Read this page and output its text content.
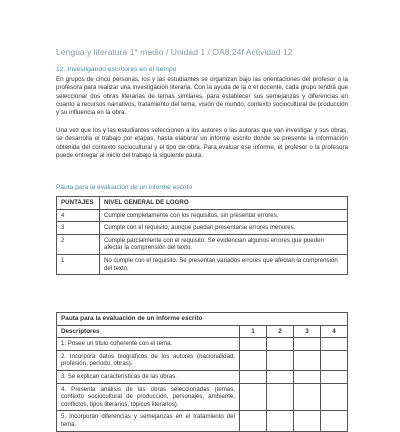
Lengua y literatura 1° medio / Unidad 1 / OA8;24f Actividad 12
12. Investigando escritores en el tiempo
En grupos de cinco personas, los y las estudiantes se organizan bajo las orientaciones del profesor o la profesora para realizar una investigación literaria. Con la ayuda de la o el docente, cada grupo tendrá que seleccionar dos obras literarias de temas similares, para establecer sus semejanzas y diferencias en cuanto a recursos narrativos, tratamiento del tema, visión de mundo, contexto sociocultural de producción y su influencia en la obra.
Una vez que los y las estudiantes seleccionen a los autores o las autoras que van investigar y sus obras, se desarrolla el trabajo por etapas, hasta elaborar un informe escrito donde se presente la información obtenida del contexto sociocultural y el tipo de obra. Para evaluar ese informe, el profesor o la profesora puede entregar al inicio del trabajo la siguiente pauta.
Pauta para la evaluación de un informe escrito
PUNTAJES	NIVEL GENERAL DE LOGRO
4	Cumple completamente con los requisitos, sin presentar errores.
3	Cumple con el requisito, aunque puedan presentarse errores menores.
2	Cumple parcialmente con el requisito. Se evidencian algunos errores que pueden afectar la comprensión del texto.
1	No cumple con el requisito. Se presentan variados errores que afectan la comprensión del texto.
Pauta para la evaluación de un informe escrito				
Descriptores	1	2	3	4
1. Posee un título coherente con el tema.				
2. Incorpora datos biográficos de los autores (nacionalidad, profesión, período, obras).				
3. Se explican características de las obras.				
4. Presenta análisis de las obras seleccionadas (temas, contexto sociocultural de producción, personajes, ambiente, conflictos, tipos literarios, tópicos literarios).				
5. Incorporan diferencias y semejanzas en el tratamiento del tema.				
